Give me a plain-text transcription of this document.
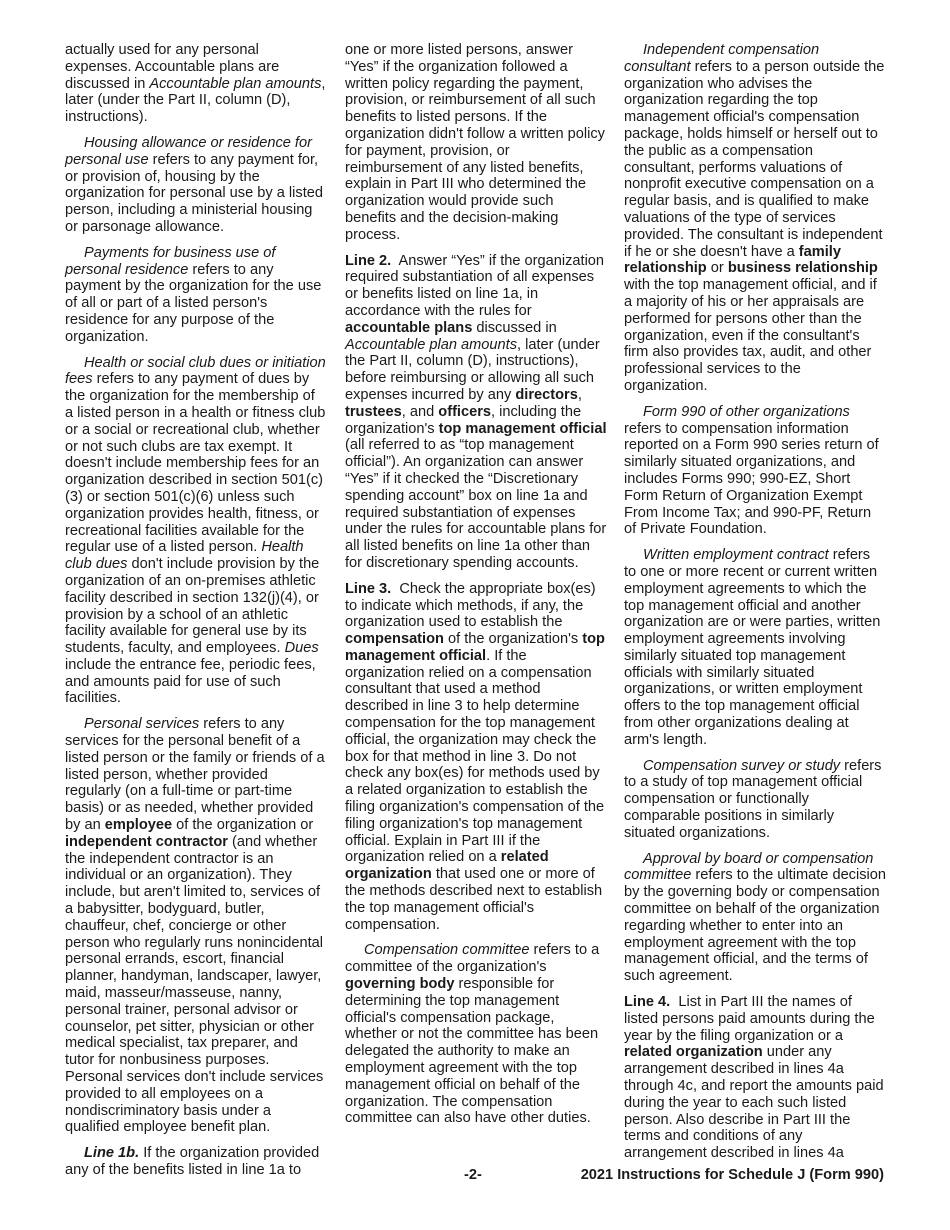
actually used for any personal expenses. Accountable plans are discussed in Accountable plan amounts, later (under the Part II, column (D), instructions).

Housing allowance or residence for personal use refers to any payment for, or provision of, housing by the organization for personal use by a listed person, including a ministerial housing or parsonage allowance.

Payments for business use of personal residence refers to any payment by the organization for the use of all or part of a listed person's residence for any purpose of the organization.

Health or social club dues or initiation fees refers to any payment of dues by the organization for the membership of a listed person in a health or fitness club or a social or recreational club, whether or not such clubs are tax exempt. It doesn't include membership fees for an organization described in section 501(c)(3) or section 501(c)(6) unless such organization provides health, fitness, or recreational facilities available for the regular use of a listed person. Health club dues don't include provision by the organization of an on-premises athletic facility described in section 132(j)(4), or provision by a school of an athletic facility available for general use by its students, faculty, and employees. Dues include the entrance fee, periodic fees, and amounts paid for use of such facilities.

Personal services refers to any services for the personal benefit of a listed person or the family or friends of a listed person, whether provided regularly (on a full-time or part-time basis) or as needed, whether provided by an employee of the organization or independent contractor (and whether the independent contractor is an individual or an organization). They include, but aren't limited to, services of a babysitter, bodyguard, butler, chauffeur, chef, concierge or other person who regularly runs nonincidental personal errands, escort, financial planner, handyman, landscaper, lawyer, maid, masseur/masseuse, nanny, personal trainer, personal advisor or counselor, pet sitter, physician or other medical specialist, tax preparer, and tutor for nonbusiness purposes. Personal services don't include services provided to all employees on a nondiscriminatory basis under a qualified employee benefit plan.

Line 1b. If the organization provided any of the benefits listed in line 1a to

one or more listed persons, answer “Yes” if the organization followed a written policy regarding the payment, provision, or reimbursement of all such benefits to listed persons. If the organization didn't follow a written policy for payment, provision, or reimbursement of any listed benefits, explain in Part III who determined the organization would provide such benefits and the decision-making process.

Line 2.  Answer “Yes” if the organization required substantiation of all expenses or benefits listed on line 1a, in accordance with the rules for accountable plans discussed in Accountable plan amounts, later (under the Part II, column (D), instructions), before reimbursing or allowing all such expenses incurred by any directors, trustees, and officers, including the organization's top management official (all referred to as “top management official”). An organization can answer “Yes” if it checked the “Discretionary spending account” box on line 1a and required substantiation of expenses under the rules for accountable plans for all listed benefits on line 1a other than for discretionary spending accounts.

Line 3.  Check the appropriate box(es) to indicate which methods, if any, the organization used to establish the compensation of the organization's top management official. If the organization relied on a compensation consultant that used a method described in line 3 to help determine compensation for the top management official, the organization may check the box for that method in line 3. Do not check any box(es) for methods used by a related organization to establish the filing organization's compensation of the filing organization's top management official. Explain in Part III if the organization relied on a related organization that used one or more of the methods described next to establish the top management official's compensation.

Compensation committee refers to a committee of the organization's governing body responsible for determining the top management official's compensation package, whether or not the committee has been delegated the authority to make an employment agreement with the top management official on behalf of the organization. The compensation committee can also have other duties.

Independent compensation consultant refers to a person outside the organization who advises the organization regarding the top management official's compensation package, holds himself or herself out to the public as a compensation consultant, performs valuations of nonprofit executive compensation on a regular basis, and is qualified to make valuations of the type of services provided. The consultant is independent if he or she doesn't have a family relationship or business relationship with the top management official, and if a majority of his or her appraisals are performed for persons other than the organization, even if the consultant's firm also provides tax, audit, and other professional services to the organization.

Form 990 of other organizations refers to compensation information reported on a Form 990 series return of similarly situated organizations, and includes Forms 990; 990-EZ, Short Form Return of Organization Exempt From Income Tax; and 990-PF, Return of Private Foundation.

Written employment contract refers to one or more recent or current written employment agreements to which the top management official and another organization are or were parties, written employment agreements involving similarly situated top management officials with similarly situated organizations, or written employment offers to the top management official from other organizations dealing at arm's length.

Compensation survey or study refers to a study of top management official compensation or functionally comparable positions in similarly situated organizations.

Approval by board or compensation committee refers to the ultimate decision by the governing body or compensation committee on behalf of the organization regarding whether to enter into an employment agreement with the top management official, and the terms of such agreement.

Line 4.  List in Part III the names of listed persons paid amounts during the year by the filing organization or a related organization under any arrangement described in lines 4a through 4c, and report the amounts paid during the year to each such listed person. Also describe in Part III the terms and conditions of any arrangement described in lines 4a

-2-	2021 Instructions for Schedule J (Form 990)
